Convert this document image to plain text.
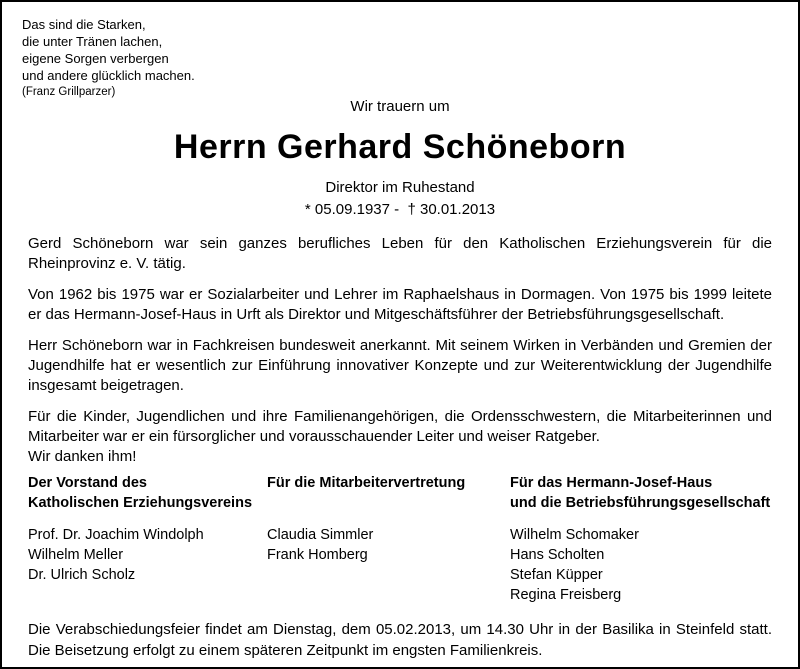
Das sind die Starken,
die unter Tränen lachen,
eigene Sorgen verbergen
und andere glücklich machen.
(Franz Grillparzer)
Wir trauern um
Herrn Gerhard Schöneborn
Direktor im Ruhestand
* 05.09.1937 -  † 30.01.2013

Gerd Schöneborn war sein ganzes berufliches Leben für den Katholischen Erziehungsverein für die Rheinprovinz e. V. tätig.

Von 1962 bis 1975 war er Sozialarbeiter und Lehrer im Raphaelshaus in Dormagen. Von 1975 bis 1999 leitete er das Hermann-Josef-Haus in Urft als Direktor und Mitgeschäftsführer der Betriebsführungsgesellschaft.

Herr Schöneborn war in Fachkreisen bundesweit anerkannt. Mit seinem Wirken in Verbänden und Gremien der Jugendhilfe hat er wesentlich zur Einführung innovativer Konzepte und zur Weiterentwicklung der Jugendhilfe insgesamt beigetragen.

Für die Kinder, Jugendlichen und ihre Familienangehörigen, die Ordensschwestern, die Mitarbeiterinnen und Mitarbeiter war er ein fürsorglicher und vorausschauender Leiter und weiser Ratgeber.

Wir danken ihm!

Der Vorstand des
Katholischen Erziehungsvereins
Prof. Dr. Joachim Windolph
Wilhelm Meller
Dr. Ulrich Scholz
Für die Mitarbeitervertretung

Claudia Simmler
Frank Homberg
Für das Hermann-Josef-Haus
und die Betriebsführungsgesellschaft
Wilhelm Schomaker
Hans Scholten
Stefan Küpper
Regina Freisberg
Die Verabschiedungsfeier findet am Dienstag, dem 05.02.2013, um 14.30 Uhr in der Basilika in Steinfeld statt. Die Beisetzung erfolgt zu einem späteren Zeitpunkt im engsten Familienkreis.
